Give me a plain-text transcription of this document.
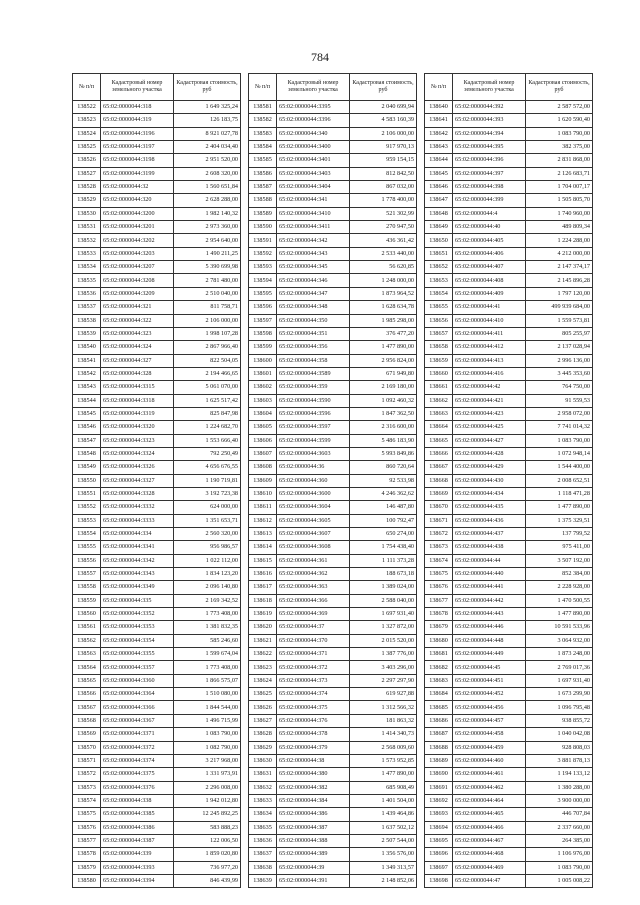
784
№ п/п	Кадастровый номер земельного участка	Кадастровая стоимость, руб
138522	65:02:0000044:318	1 649 325,24
138523	65:02:0000044:319	126 183,75
138524	65:02:0000044:3196	8 921 027,78
138525	65:02:0000044:3197	2 404 034,40
138526	65:02:0000044:3198	2 951 520,00
138527	65:02:0000044:3199	2 608 320,00
138528	65:02:0000044:32	1 560 651,84
138529	65:02:0000044:320	2 628 288,00
138530	65:02:0000044:3200	1 982 140,32
138531	65:02:0000044:3201	2 973 360,00
138532	65:02:0000044:3202	2 954 640,00
138533	65:02:0000044:3203	1 490 211,25
138534	65:02:0000044:3207	5 390 699,98
138535	65:02:0000044:3208	2 781 480,00
138536	65:02:0000044:3209	2 510 040,00
138537	65:02:0000044:321	811 758,71
138538	65:02:0000044:322	2 106 000,00
138539	65:02:0000044:323	1 998 107,28
138540	65:02:0000044:324	2 867 966,40
138541	65:02:0000044:327	822 504,05
138542	65:02:0000044:328	2 194 466,65
138543	65:02:0000044:3315	5 061 070,00
138544	65:02:0000044:3318	1 625 517,42
138545	65:02:0000044:3319	825 847,98
138546	65:02:0000044:3320	1 224 682,70
138547	65:02:0000044:3323	1 553 666,40
138548	65:02:0000044:3324	792 250,49
138549	65:02:0000044:3326	4 656 676,55
138550	65:02:0000044:3327	1 190 719,81
138551	65:02:0000044:3328	3 192 723,38
138552	65:02:0000044:3332	624 000,00
138553	65:02:0000044:3333	1 351 653,71
138554	65:02:0000044:334	2 560 320,00
138555	65:02:0000044:3341	956 986,57
138556	65:02:0000044:3342	1 022 112,00
138557	65:02:0000044:3343	1 834 123,20
138558	65:02:0000044:3349	2 096 140,80
138559	65:02:0000044:335	2 169 342,52
138560	65:02:0000044:3352	1 773 408,00
138561	65:02:0000044:3353	1 381 832,35
138562	65:02:0000044:3354	585 246,60
138563	65:02:0000044:3355	1 599 674,04
138564	65:02:0000044:3357	1 773 408,00
138565	65:02:0000044:3360	1 866 575,07
138566	65:02:0000044:3364	1 510 080,00
138567	65:02:0000044:3366	1 844 544,00
138568	65:02:0000044:3367	1 496 715,99
138569	65:02:0000044:3371	1 083 790,00
138570	65:02:0000044:3372	1 082 790,00
138571	65:02:0000044:3374	3 217 968,00
138572	65:02:0000044:3375	1 331 973,91
138573	65:02:0000044:3376	2 296 008,00
138574	65:02:0000044:338	1 942 012,80
138575	65:02:0000044:3385	12 245 892,25
138576	65:02:0000044:3386	583 888,23
138577	65:02:0000044:3387	122 006,50
138578	65:02:0000044:339	1 859 020,80
138579	65:02:0000044:3393	736 977,20
138580	65:02:0000044:3394	846 439,99
№ п/п	Кадастровый номер земельного участка	Кадастровая стоимость, руб
138581	65:02:0000044:3395	2 040 699,94
138582	65:02:0000044:3396	4 583 160,39
138583	65:02:0000044:340	2 106 000,00
138584	65:02:0000044:3400	917 970,13
138585	65:02:0000044:3401	959 154,15
138586	65:02:0000044:3403	812 842,50
138587	65:02:0000044:3404	867 032,00
138588	65:02:0000044:341	1 778 400,00
138589	65:02:0000044:3410	521 302,99
138590	65:02:0000044:3411	270 947,50
138591	65:02:0000044:342	436 361,42
138592	65:02:0000044:343	2 533 440,00
138593	65:02:0000044:345	56 620,85
138594	65:02:0000044:346	1 248 000,00
138595	65:02:0000044:347	1 873 964,52
138596	65:02:0000044:348	1 628 634,78
138597	65:02:0000044:350	1 985 298,00
138598	65:02:0000044:351	376 477,20
138599	65:02:0000044:356	1 477 890,00
138600	65:02:0000044:358	2 956 824,00
138601	65:02:0000044:3589	671 949,80
138602	65:02:0000044:359	2 169 180,00
138603	65:02:0000044:3590	1 092 460,32
138604	65:02:0000044:3596	1 847 362,50
138605	65:02:0000044:3597	2 316 600,00
138606	65:02:0000044:3599	5 486 183,90
138607	65:02:0000044:3603	5 993 849,86
138608	65:02:0000044:36	860 720,64
138609	65:02:0000044:360	92 533,98
138610	65:02:0000044:3600	4 246 362,62
138611	65:02:0000044:3604	146 487,80
138612	65:02:0000044:3605	100 792,47
138613	65:02:0000044:3607	650 274,00
138614	65:02:0000044:3608	1 754 438,40
138615	65:02:0000044:361	1 111 373,28
138616	65:02:0000044:362	188 673,18
138617	65:02:0000044:363	1 389 024,00
138618	65:02:0000044:366	2 588 040,00
138619	65:02:0000044:369	1 697 931,40
138620	65:02:0000044:37	1 327 872,00
138621	65:02:0000044:370	2 015 520,00
138622	65:02:0000044:371	1 387 776,00
138623	65:02:0000044:372	3 403 296,00
138624	65:02:0000044:373	2 297 297,90
138625	65:02:0000044:374	619 927,88
138626	65:02:0000044:375	1 312 566,32
138627	65:02:0000044:376	181 863,32
138628	65:02:0000044:378	1 414 340,73
138629	65:02:0000044:379	2 568 009,60
138630	65:02:0000044:38	1 573 952,85
138631	65:02:0000044:380	1 477 890,00
138632	65:02:0000044:382	685 908,49
138633	65:02:0000044:384	1 401 504,00
138634	65:02:0000044:386	1 439 464,86
138635	65:02:0000044:387	1 637 502,12
138636	65:02:0000044:388	2 507 544,00
138637	65:02:0000044:389	1 356 576,00
138638	65:02:0000044:39	1 349 313,57
138639	65:02:0000044:391	2 148 852,06
№ п/п	Кадастровый номер земельного участка	Кадастровая стоимость, руб
138640	65:02:0000044:392	2 587 572,00
138641	65:02:0000044:393	1 620 590,40
138642	65:02:0000044:394	1 083 790,00
138643	65:02:0000044:395	382 375,00
138644	65:02:0000044:396	2 831 868,00
138645	65:02:0000044:397	2 126 683,71
138646	65:02:0000044:398	1 704 007,17
138647	65:02:0000044:399	1 505 805,70
138648	65:02:0000044:4	1 740 960,00
138649	65:02:0000044:40	489 809,34
138650	65:02:0000044:405	1 224 288,00
138651	65:02:0000044:406	4 212 000,00
138652	65:02:0000044:407	2 147 374,17
138653	65:02:0000044:408	2 145 896,28
138654	65:02:0000044:409	1 797 120,00
138655	65:02:0000044:41	499 939 684,00
138656	65:02:0000044:410	1 559 573,81
138657	65:02:0000044:411	805 255,97
138658	65:02:0000044:412	2 137 028,94
138659	65:02:0000044:413	2 996 136,00
138660	65:02:0000044:416	3 445 353,60
138661	65:02:0000044:42	764 750,00
138662	65:02:0000044:421	91 559,53
138663	65:02:0000044:423	2 958 072,00
138664	65:02:0000044:425	7 741 014,32
138665	65:02:0000044:427	1 083 790,00
138666	65:02:0000044:428	1 072 948,14
138667	65:02:0000044:429	1 544 400,00
138668	65:02:0000044:430	2 008 652,51
138669	65:02:0000044:434	1 118 471,28
138670	65:02:0000044:435	1 477 890,00
138671	65:02:0000044:436	1 375 329,51
138672	65:02:0000044:437	137 799,52
138673	65:02:0000044:438	975 411,00
138674	65:02:0000044:44	3 507 192,00
138675	65:02:0000044:440	852 384,00
138676	65:02:0000044:441	2 228 928,00
138677	65:02:0000044:442	1 470 500,55
138678	65:02:0000044:443	1 477 890,00
138679	65:02:0000044:446	10 591 533,96
138680	65:02:0000044:448	3 064 932,00
138681	65:02:0000044:449	1 873 248,00
138682	65:02:0000044:45	2 769 017,36
138683	65:02:0000044:451	1 697 931,40
138684	65:02:0000044:452	1 673 299,90
138685	65:02:0000044:456	1 096 795,48
138686	65:02:0000044:457	938 855,72
138687	65:02:0000044:458	1 040 042,08
138688	65:02:0000044:459	928 808,03
138689	65:02:0000044:460	3 881 878,13
138690	65:02:0000044:461	1 194 133,12
138691	65:02:0000044:462	1 380 288,00
138692	65:02:0000044:464	3 900 000,00
138693	65:02:0000044:465	446 707,84
138694	65:02:0000044:466	2 337 660,00
138695	65:02:0000044:467	264 385,00
138696	65:02:0000044:468	1 106 976,00
138697	65:02:0000044:469	1 083 790,00
138698	65:02:0000044:47	1 005 008,22
